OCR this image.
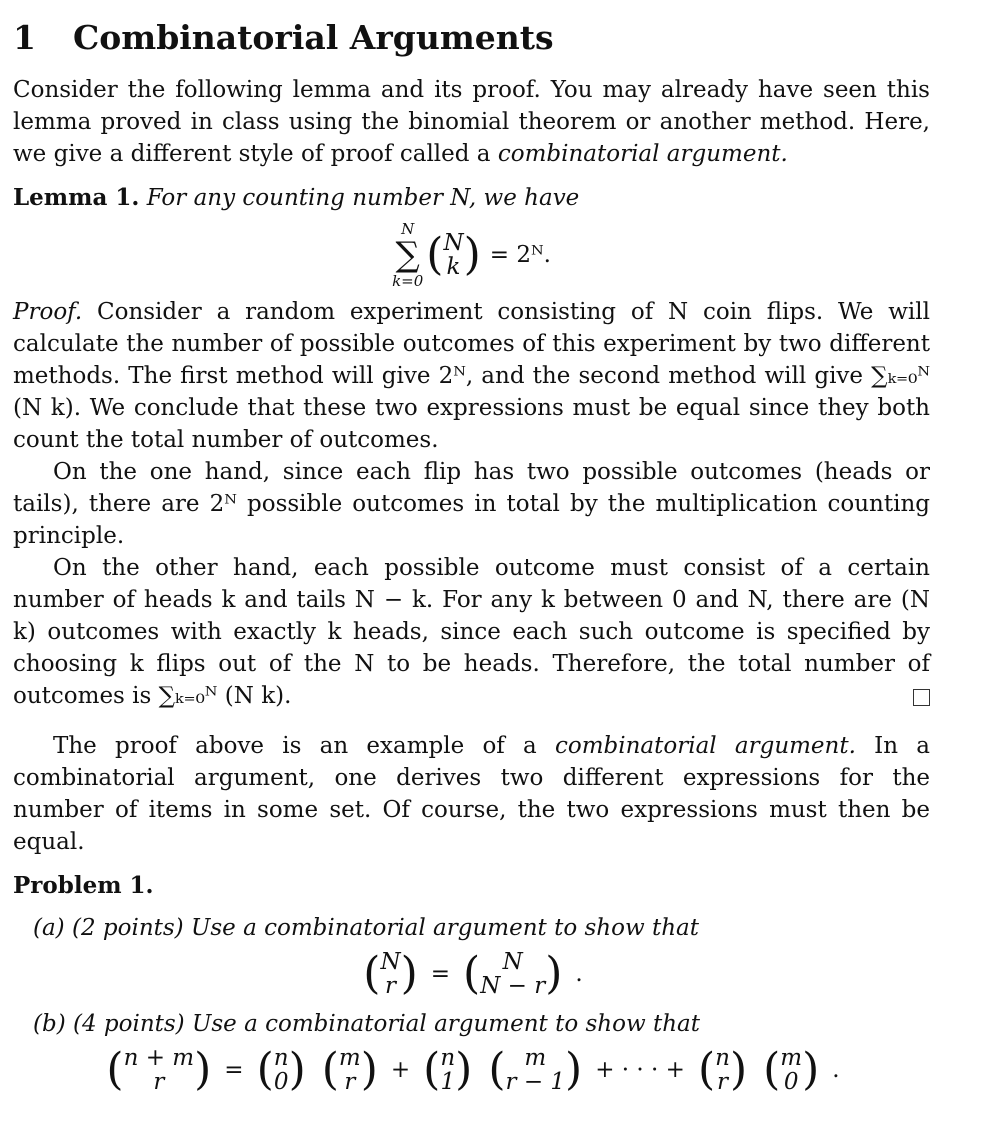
1 Combinatorial Arguments

Consider the following lemma and its proof. You may already have seen this lemma proved in class using the binomial theorem or another method. Here, we give a different style of proof called a combinatorial argument.

Lemma 1. For any counting number N, we have

N
∑
k=0
( N
k ) = 2ᴺ.

Proof. Consider a random experiment consisting of N coin flips. We will calculate the number of possible outcomes of this experiment by two different methods. The first method will give 2ᴺ, and the second method will give ∑ₖ₌₀ᴺ (N k). We conclude that these two expressions must be equal since they both count the total number of outcomes.

On the one hand, since each flip has two possible outcomes (heads or tails), there are 2ᴺ possible outcomes in total by the multiplication counting principle.

On the other hand, each possible outcome must consist of a certain number of heads k and tails N − k. For any k between 0 and N, there are (N k) outcomes with exactly k heads, since each such outcome is specified by choosing k flips out of the N to be heads. Therefore, the total number of outcomes is ∑ₖ₌₀ᴺ (N k).

The proof above is an example of a combinatorial argument. In a combinatorial argument, one derives two different expressions for the number of items in some set. Of course, the two expressions must then be equal.

Problem 1.

(a) (2 points) Use a combinatorial argument to show that

( N
r ) = ( N
N − r ) .

(b) (4 points) Use a combinatorial argument to show that

( n + m
r ) = ( n
0 ) ( m
r ) + ( n
1 ) ( m
r − 1 ) + · · · + ( n
r ) ( m
0 ) .
